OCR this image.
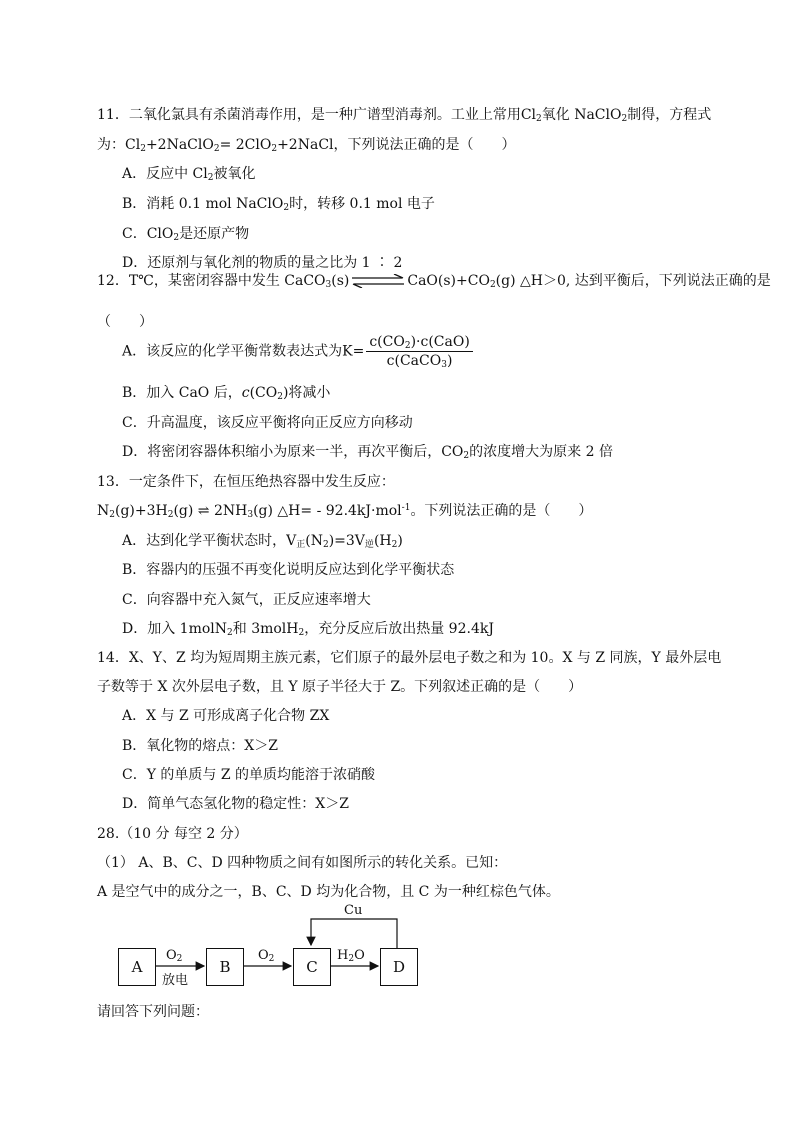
11．二氧化氯具有杀菌消毒作用，是一种广谱型消毒剂。工业上常用$Cl_2$氧化 NaClO$_2$制得，方程式
为：$Cl_2+2NaClO_2=$ 2ClO$_2$+2NaCl，下列说法正确的是（　　）
A．反应中 $Cl_2$被氧化
B．消耗 0.1 mol NaClO$_2$时，转移 0.1 mol 电子
C．ClO$_2$是还原产物
D．还原剂与氧化剂的物质的量之比为 1 ∶ 2
12．T℃，某密闭容器中发生 $CaCO_3(s)\rightleftharpoons CaO(s)+CO_2(g)$ △H＞0, 达到平衡后，下列说法正确的是
（　　）
A．该反应的化学平衡常数表达式为$K= \frac{c(CO_2)\cdot c(CaO)}{c(CaCO_3)}$
B．加入 CaO 后，$c(CO_2)$将减小
C．升高温度，该反应平衡将向正反应方向移动
D．将密闭容器体积缩小为原来一半，再次平衡后，$CO_2$的浓度增大为原来 2 倍
13．一定条件下，在恒压绝热容器中发生反应：
$N_2(g)+3H_2(g)$ ⇌ $2NH_3(g)$ △H= - 92.4kJ·mol$^{-1}$。下列说法正确的是（　　）
A．达到化学平衡状态时，$V_正(N_2)=3V_逆(H_2)$
B．容器内的压强不再变化说明反应达到化学平衡状态
C．向容器中充入氮气，正反应速率增大
D．加入 1molN$_2$和 3molH$_2$，充分反应后放出热量 92.4kJ
14．X、Y、Z 均为短周期主族元素，它们原子的最外层电子数之和为 10。X 与 Z 同族，Y 最外层电
子数等于 X 次外层电子数，且 Y 原子半径大于 Z。下列叙述正确的是（　　）
A．X 与 Z 可形成离子化合物 ZX
B．氧化物的熔点：X＞Z
C．Y 的单质与 Z 的单质均能溶于浓硝酸
D．简单气态氢化物的稳定性：X＞Z
28.（10 分 每空 2 分）
（1） A、B、C、D 四种物质之间有如图所示的转化关系。已知：
A 是空气中的成分之一，B、C、D 均为化合物，且 C 为一种红棕色气体。
A	B	C	D
$O_2$
放电
$O_2$	$H_2O$
Cu
请回答下列问题：
